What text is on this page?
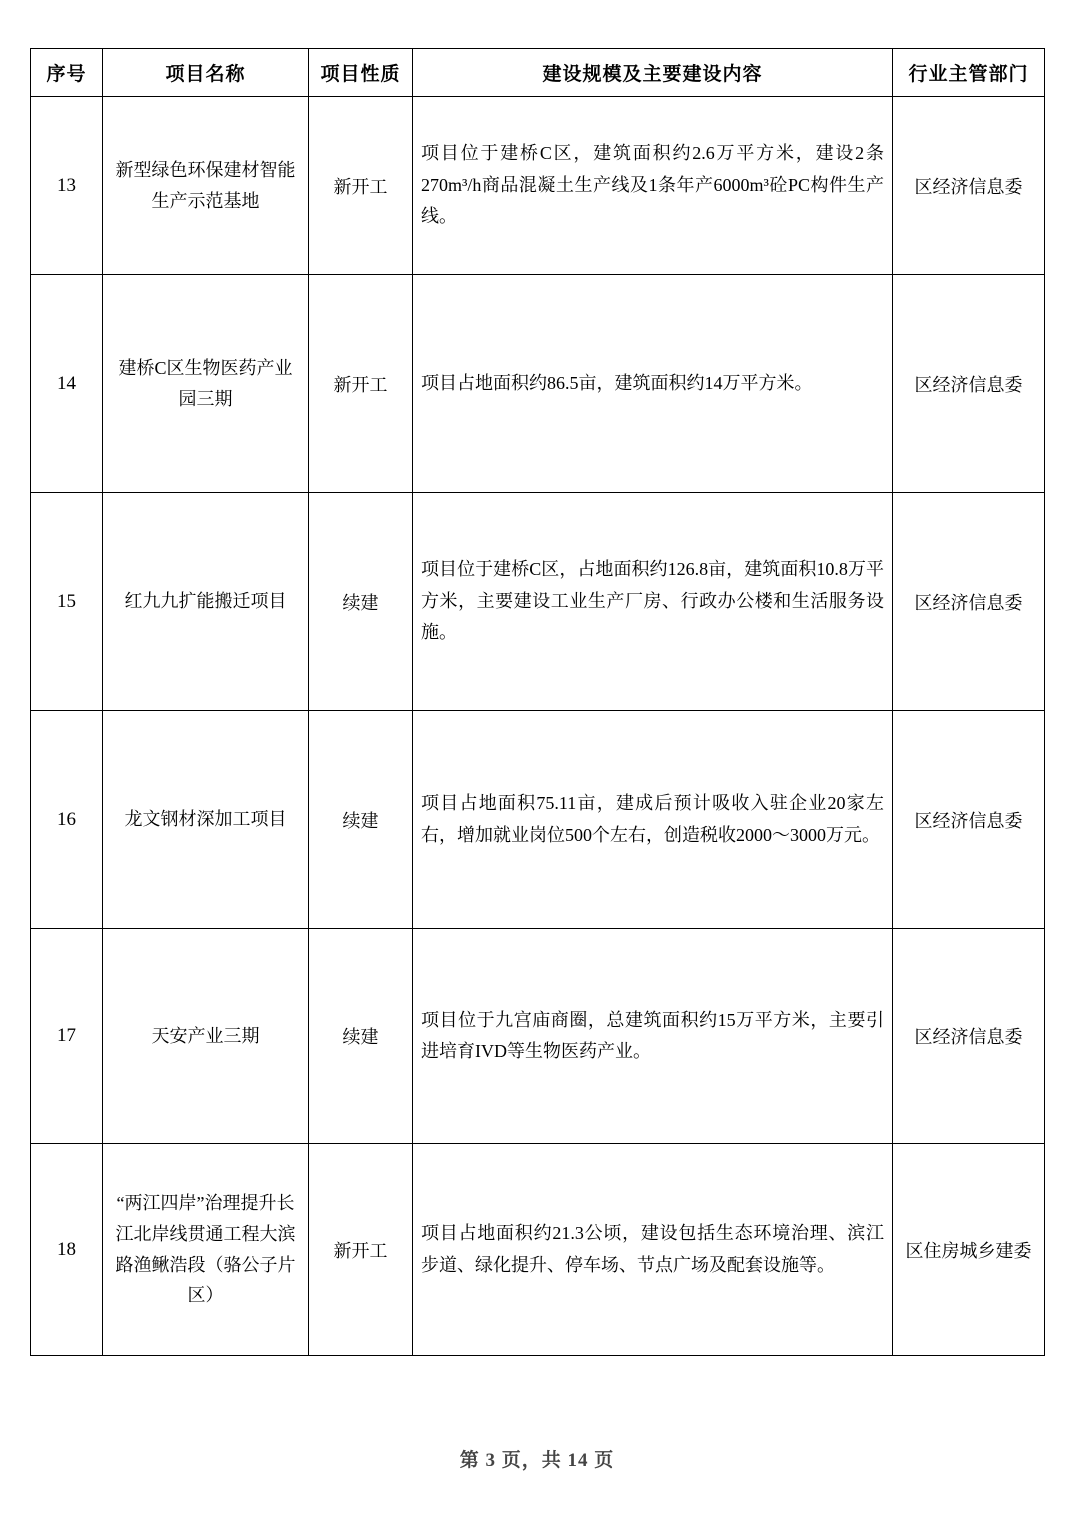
序号	项目名称	项目性质	建设规模及主要建设内容	行业主管部门
13	新型绿色环保建材智能生产示范基地	新开工	项目位于建桥C区，建筑面积约2.6万平方米，建设2条270m³/h商品混凝土生产线及1条年产6000m³砼PC构件生产线。	区经济信息委
14	建桥C区生物医药产业园三期	新开工	项目占地面积约86.5亩，建筑面积约14万平方米。	区经济信息委
15	红九九扩能搬迁项目	续建	项目位于建桥C区，占地面积约126.8亩，建筑面积10.8万平方米，主要建设工业生产厂房、行政办公楼和生活服务设施。	区经济信息委
16	龙文钢材深加工项目	续建	项目占地面积75.11亩，建成后预计吸收入驻企业20家左右，增加就业岗位500个左右，创造税收2000～3000万元。	区经济信息委
17	天安产业三期	续建	项目位于九宫庙商圈，总建筑面积约15万平方米，主要引进培育IVD等生物医药产业。	区经济信息委
18	“两江四岸”治理提升长江北岸线贯通工程大滨路渔鳅浩段（骆公子片区）	新开工	项目占地面积约21.3公顷，建设包括生态环境治理、滨江步道、绿化提升、停车场、节点广场及配套设施等。	区住房城乡建委
第 3 页，共 14 页
